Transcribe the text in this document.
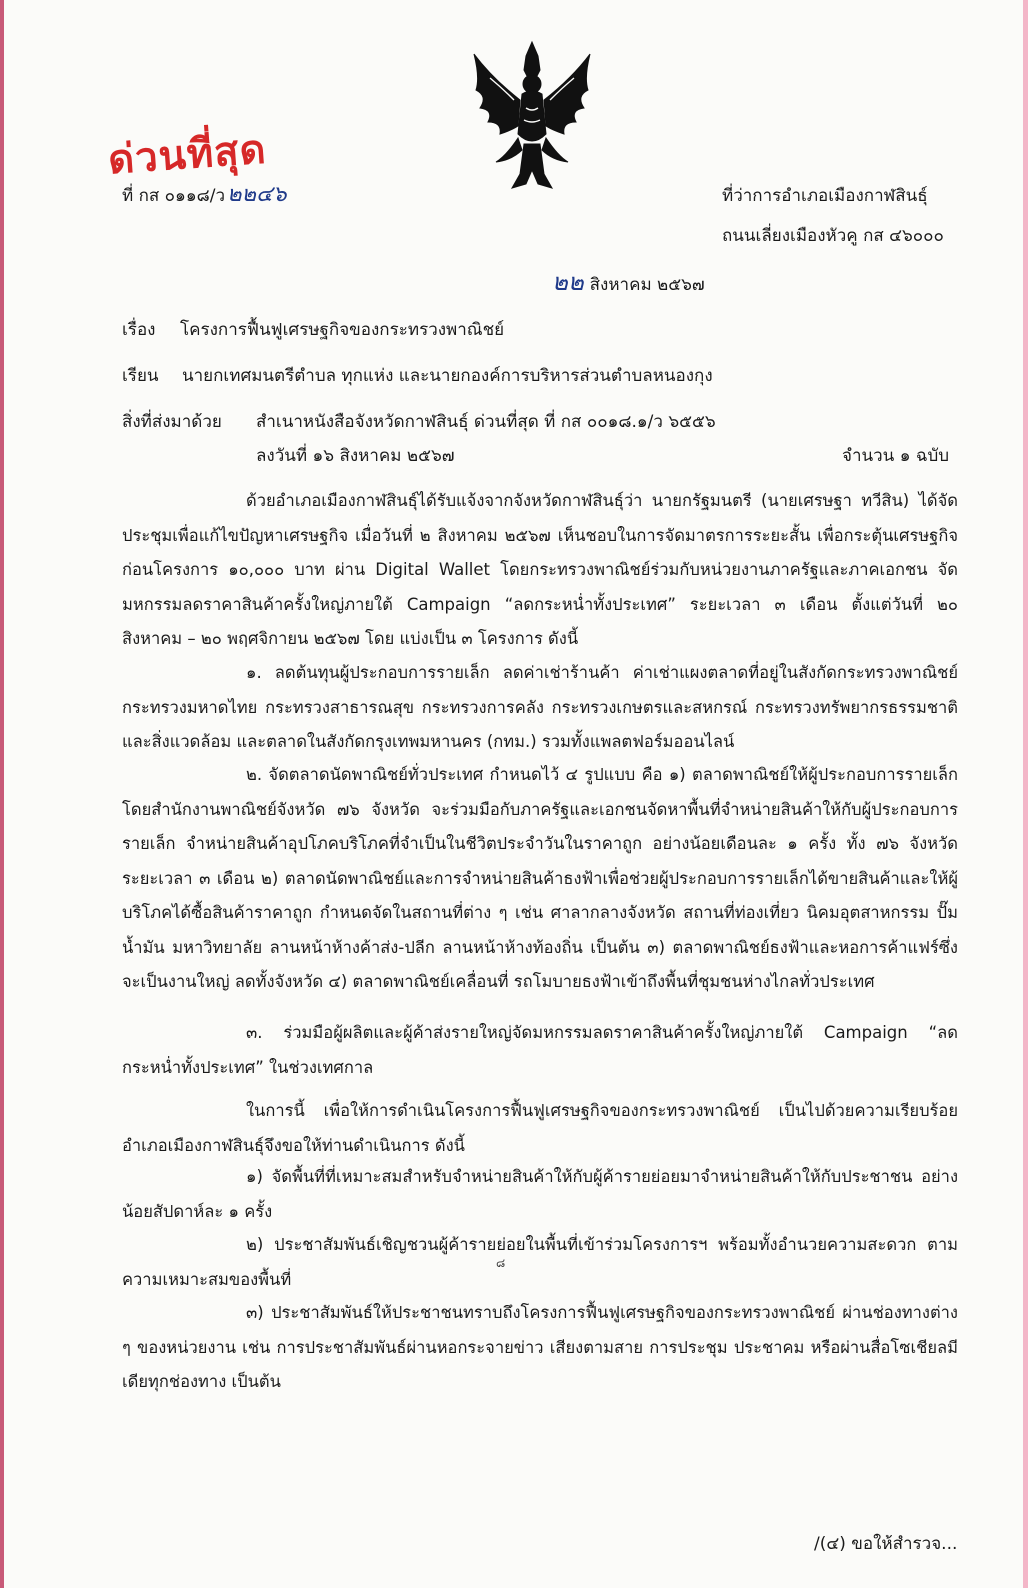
ด่วนที่สุด
ที่ กส ๐๑๑๘/ว๒๒๔๖	ที่ว่าการอำเภอเมืองกาฬสินธุ์
ถนนเลี่ยงเมืองหัวคู กส ๔๖๐๐๐
๒๒ สิงหาคม ๒๕๖๗
เรื่อง โครงการฟื้นฟูเศรษฐกิจของกระทรวงพาณิชย์
เรียน นายกเทศมนตรีตำบล ทุกแห่ง และนายกองค์การบริหารส่วนตำบลหนองกุง
สิ่งที่ส่งมาด้วย สำเนาหนังสือจังหวัดกาฬสินธุ์ ด่วนที่สุด ที่ กส ๐๐๑๘.๑/ว ๖๕๕๖
ลงวันที่ ๑๖ สิงหาคม ๒๕๖๗	จำนวน ๑ ฉบับ

ด้วยอำเภอเมืองกาฬสินธุ์ได้รับแจ้งจากจังหวัดกาฬสินธุ์ว่า นายกรัฐมนตรี (นายเศรษฐา ทวีสิน) ได้จัดประชุมเพื่อแก้ไขปัญหาเศรษฐกิจ เมื่อวันที่ ๒ สิงหาคม ๒๕๖๗ เห็นชอบในการจัดมาตรการระยะสั้น เพื่อกระตุ้นเศรษฐกิจก่อนโครงการ ๑๐,๐๐๐ บาท ผ่าน Digital Wallet โดยกระทรวงพาณิชย์ร่วมกับหน่วยงานภาครัฐและภาคเอกชน จัดมหกรรมลดราคาสินค้าครั้งใหญ่ภายใต้ Campaign “ลดกระหน่ำทั้งประเทศ” ระยะเวลา ๓ เดือน ตั้งแต่วันที่ ๒๐ สิงหาคม – ๒๐ พฤศจิกายน ๒๕๖๗ โดย แบ่งเป็น ๓ โครงการ ดังนี้

๑. ลดต้นทุนผู้ประกอบการรายเล็ก ลดค่าเช่าร้านค้า ค่าเช่าแผงตลาดที่อยู่ในสังกัดกระทรวงพาณิชย์ กระทรวงมหาดไทย กระทรวงสาธารณสุข กระทรวงการคลัง กระทรวงเกษตรและสหกรณ์ กระทรวงทรัพยากรธรรมชาติและสิ่งแวดล้อม และตลาดในสังกัดกรุงเทพมหานคร (กทม.) รวมทั้งแพลตฟอร์มออนไลน์

๒. จัดตลาดนัดพาณิชย์ทั่วประเทศ กำหนดไว้ ๔ รูปแบบ คือ ๑) ตลาดพาณิชย์ให้ผู้ประกอบการรายเล็ก โดยสำนักงานพาณิชย์จังหวัด ๗๖ จังหวัด จะร่วมมือกับภาครัฐและเอกชนจัดหาพื้นที่จำหน่ายสินค้าให้กับผู้ประกอบการรายเล็ก จำหน่ายสินค้าอุปโภคบริโภคที่จำเป็นในชีวิตประจำวันในราคาถูก อย่างน้อยเดือนละ ๑ ครั้ง ทั้ง ๗๖ จังหวัด ระยะเวลา ๓ เดือน ๒) ตลาดนัดพาณิชย์และการจำหน่ายสินค้าธงฟ้าเพื่อช่วยผู้ประกอบการรายเล็กได้ขายสินค้าและให้ผู้บริโภคได้ซื้อสินค้าราคาถูก กำหนดจัดในสถานที่ต่าง ๆ เช่น ศาลากลางจังหวัด สถานที่ท่องเที่ยว นิคมอุตสาหกรรม ปั๊มน้ำมัน มหาวิทยาลัย ลานหน้าห้างค้าส่ง-ปลีก ลานหน้าห้างท้องถิ่น เป็นต้น ๓) ตลาดพาณิชย์ธงฟ้าและหอการค้าแฟร์ซึ่งจะเป็นงานใหญ่ ลดทั้งจังหวัด ๔) ตลาดพาณิชย์เคลื่อนที่ รถโมบายธงฟ้าเข้าถึงพื้นที่ชุมชนห่างไกลทั่วประเทศ

๓. ร่วมมือผู้ผลิตและผู้ค้าส่งรายใหญ่จัดมหกรรมลดราคาสินค้าครั้งใหญ่ภายใต้ Campaign “ลดกระหน่ำทั้งประเทศ” ในช่วงเทศกาล

ในการนี้ เพื่อให้การดำเนินโครงการฟื้นฟูเศรษฐกิจของกระทรวงพาณิชย์ เป็นไปด้วยความเรียบร้อย อำเภอเมืองกาฬสินธุ์จึงขอให้ท่านดำเนินการ ดังนี้

๑) จัดพื้นที่ที่เหมาะสมสำหรับจำหน่ายสินค้าให้กับผู้ค้ารายย่อยมาจำหน่ายสินค้าให้กับประชาชน อย่างน้อยสัปดาห์ละ ๑ ครั้ง

๒) ประชาสัมพันธ์เชิญชวนผู้ค้ารายย่อยในพื้นที่เข้าร่วมโครงการฯ พร้อมทั้งอำนวยความสะดวก ตามความเหมาะสมของพื้นที่

๘

๓) ประชาสัมพันธ์ให้ประชาชนทราบถึงโครงการฟื้นฟูเศรษฐกิจของกระทรวงพาณิชย์ ผ่านช่องทางต่าง ๆ ของหน่วยงาน เช่น การประชาสัมพันธ์ผ่านหอกระจายข่าว เสียงตามสาย การประชุม ประชาคม หรือผ่านสื่อโซเชียลมีเดียทุกช่องทาง เป็นต้น

/(๔) ขอให้สำรวจ...
